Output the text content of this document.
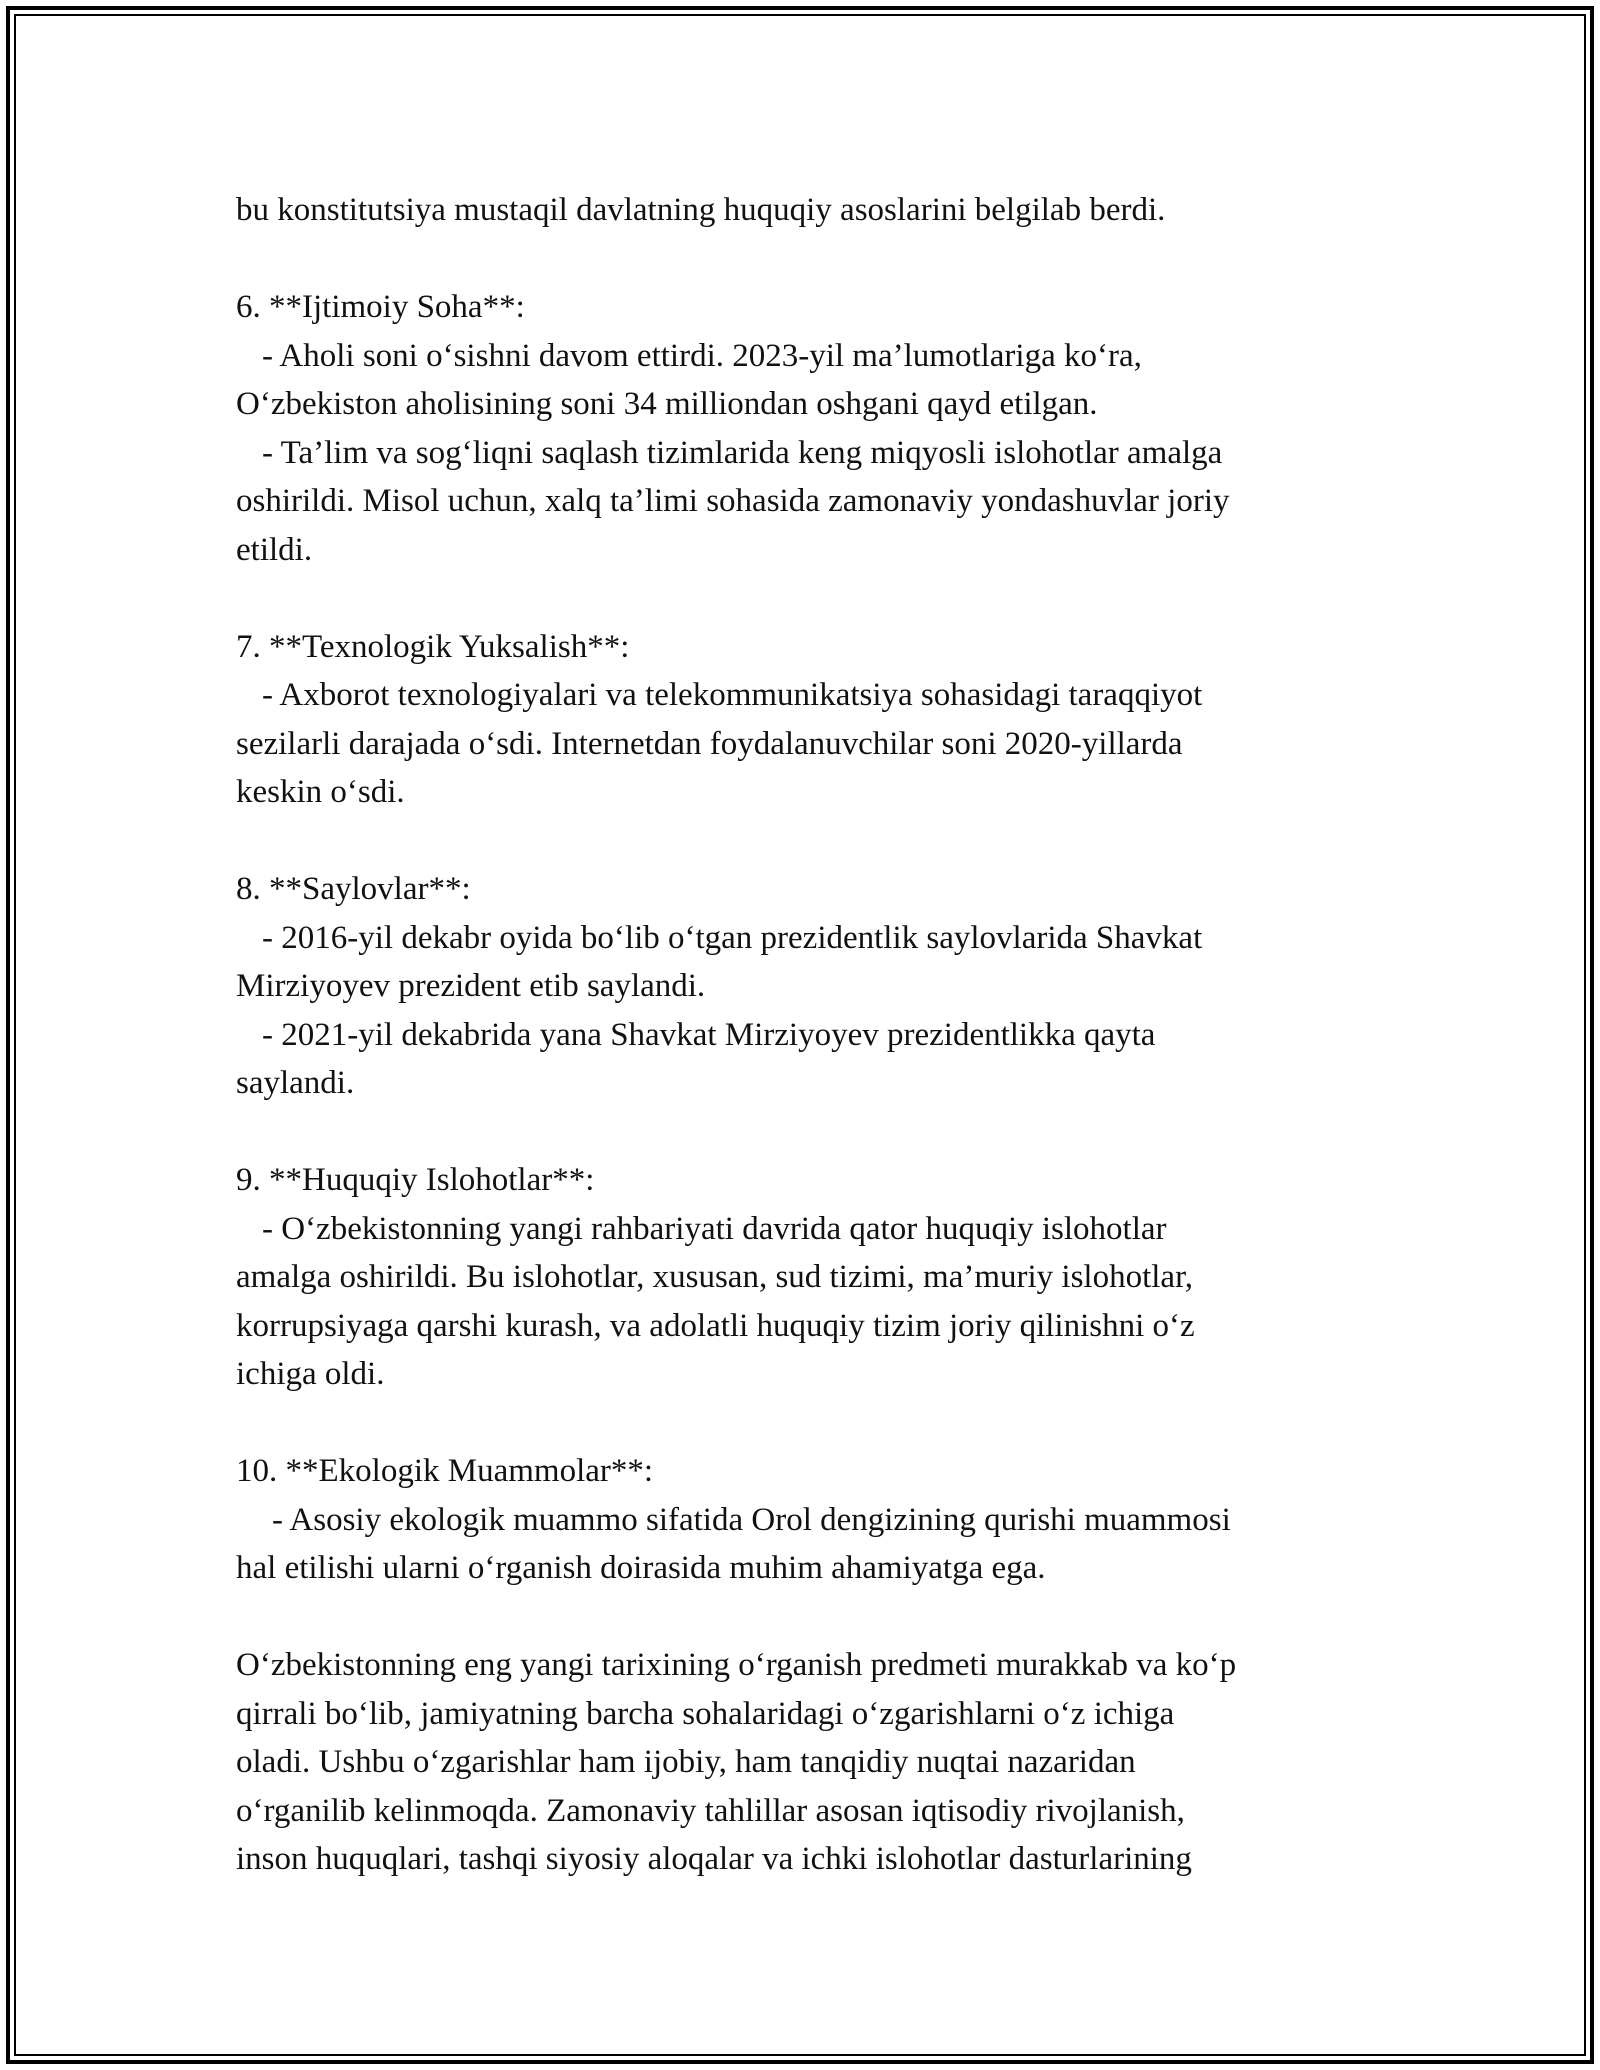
bu konstitutsiya mustaqil davlatning huquqiy asoslarini belgilab berdi.
6. **Ijtimoiy Soha**:
- Aholi soni o‘sishni davom ettirdi. 2023-yil ma’lumotlariga ko‘ra,
O‘zbekiston aholisining soni 34 milliondan oshgani qayd etilgan.
- Ta’lim va sog‘liqni saqlash tizimlarida keng miqyosli islohotlar amalga
oshirildi. Misol uchun, xalq ta’limi sohasida zamonaviy yondashuvlar joriy
etildi.
7. **Texnologik Yuksalish**:
- Axborot texnologiyalari va telekommunikatsiya sohasidagi taraqqiyot
sezilarli darajada o‘sdi. Internetdan foydalanuvchilar soni 2020-yillarda
keskin o‘sdi.
8. **Saylovlar**:
- 2016-yil dekabr oyida bo‘lib o‘tgan prezidentlik saylovlarida Shavkat
Mirziyoyev prezident etib saylandi.
- 2021-yil dekabrida yana Shavkat Mirziyoyev prezidentlikka qayta
saylandi.
9. **Huquqiy Islohotlar**:
- O‘zbekistonning yangi rahbariyati davrida qator huquqiy islohotlar
amalga oshirildi. Bu islohotlar, xususan, sud tizimi, ma’muriy islohotlar,
korrupsiyaga qarshi kurash, va adolatli huquqiy tizim joriy qilinishni o‘z
ichiga oldi.
10. **Ekologik Muammolar**:
- Asosiy ekologik muammo sifatida Orol dengizining qurishi muammosi
hal etilishi ularni o‘rganish doirasida muhim ahamiyatga ega.
O‘zbekistonning eng yangi tarixining o‘rganish predmeti murakkab va ko‘p
qirrali bo‘lib, jamiyatning barcha sohalaridagi o‘zgarishlarni o‘z ichiga
oladi. Ushbu o‘zgarishlar ham ijobiy, ham tanqidiy nuqtai nazaridan
o‘rganilib kelinmoqda. Zamonaviy tahlillar asosan iqtisodiy rivojlanish,
inson huquqlari, tashqi siyosiy aloqalar va ichki islohotlar dasturlarining
